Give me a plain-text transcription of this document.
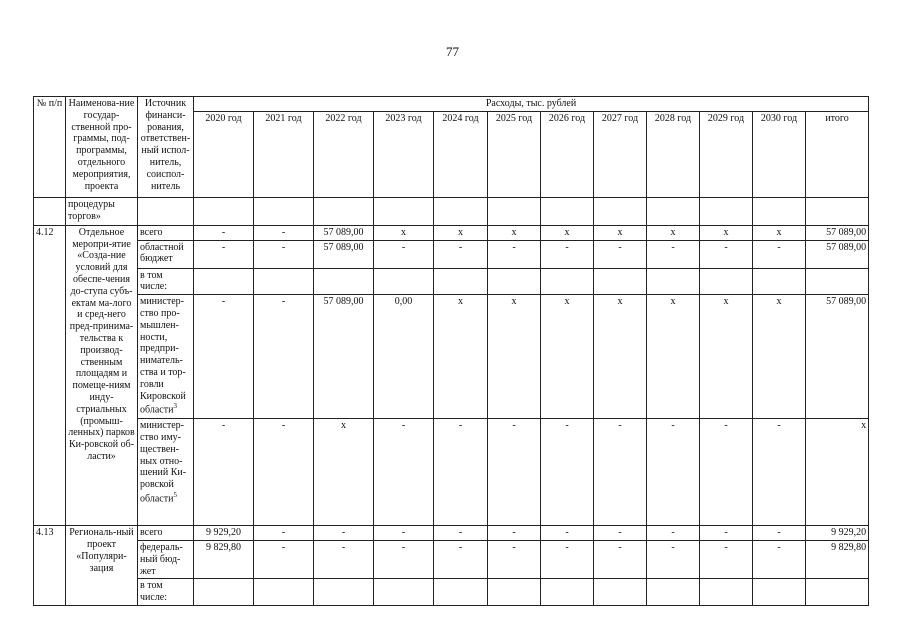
77
№ п/п	Наименова-ние государ-ственной про-граммы, под-программы, отдельного мероприятия, проекта	Источник финанси-рования, ответствен-ный испол-нитель, соиспол-нитель	Расходы, тыс. рублей											
			2020 год	2021 год	2022 год	2023 год	2024 год	2025 год	2026 год	2027 год	2028 год	2029 год	2030 год	итого
	процедуры торгов»													
4.12	Отдельное меропри-ятие «Созда-ние условий для обеспе-чения до-ступа субъ-ектам ма-лого и сред-него пред-принима-тельства к производ-ственным площадям и помеще-ниям инду-стриальных (промыш-ленных) парков Ки-ровской об-ласти»	всего	-	-	57 089,00	x	x	x	x	x	x	x	x	57 089,00
		областной бюджет	-	-	57 089,00	-	-	-	-	-	-	-	-	57 089,00
		в том числе:												
		министер-ство про-мышлен-ности, предпри-ниматель-ства и тор-говли Кировской области$^3$	-	-	57 089,00	0,00	x	x	x	x	x	x	x	57 089,00
		министер-ство иму-ществен-ных отно-шений Ки-ровской области$^5$	-	-	x	-	-	-	-	-	-	-	-	x
4.13	Региональ-ный проект «Популяри-зация	всего	9 929,20	-	-	-	-	-	-	-	-	-	-	9 929,20
		федераль-ный бюд-жет	9 829,80	-	-	-	-	-	-	-	-	-	-	9 829,80
		в том числе:												
